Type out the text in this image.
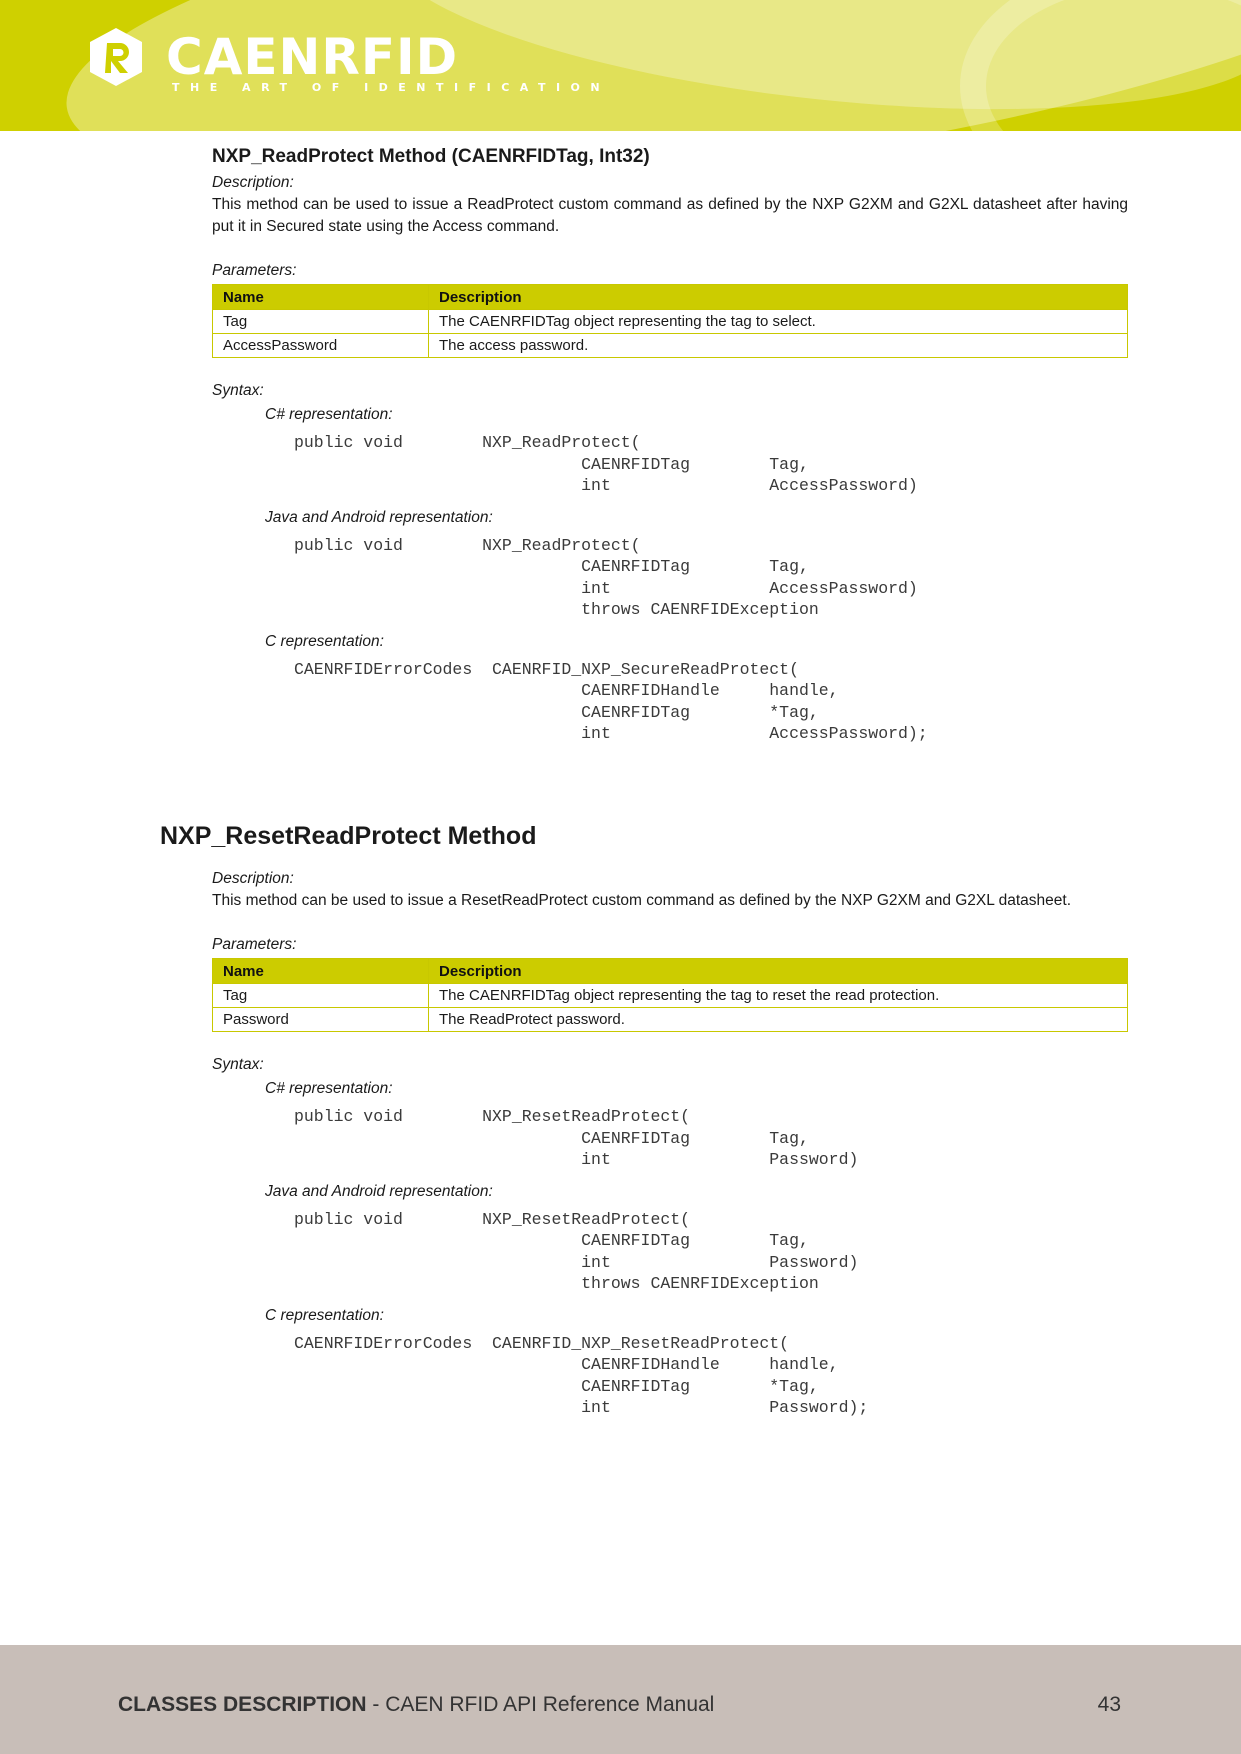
CAENRFID
THE ART OF IDENTIFICATION
NXP_ReadProtect Method (CAENRFIDTag, Int32)
Description:

This method can be used to issue a ReadProtect custom command as defined by the NXP G2XM and G2XL datasheet after having put it in Secured state using the Access command.

Parameters:
Name	Description
Tag	The CAENRFIDTag object representing the tag to select.
AccessPassword	The access password.
Syntax:
C# representation:
public void        NXP_ReadProtect(
CAENRFIDTag        Tag,
int                AccessPassword)
Java and Android representation:
public void        NXP_ReadProtect(
CAENRFIDTag        Tag,
int                AccessPassword)
throws CAENRFIDException
C representation:
CAENRFIDErrorCodes  CAENRFID_NXP_SecureReadProtect(
CAENRFIDHandle     handle,
CAENRFIDTag        *Tag,
int                AccessPassword);
NXP_ResetReadProtect Method
Description:

This method can be used to issue a ResetReadProtect custom command as defined by the NXP G2XM and G2XL datasheet.

Parameters:
Name	Description
Tag	The CAENRFIDTag object representing the tag to reset the read protection.
Password	The ReadProtect password.
Syntax:
C# representation:
public void        NXP_ResetReadProtect(
CAENRFIDTag        Tag,
int                Password)
Java and Android representation:
public void        NXP_ResetReadProtect(
CAENRFIDTag        Tag,
int                Password)
throws CAENRFIDException
C representation:
CAENRFIDErrorCodes  CAENRFID_NXP_ResetReadProtect(
CAENRFIDHandle     handle,
CAENRFIDTag        *Tag,
int                Password);
CLASSES DESCRIPTION - CAEN RFID API Reference Manual	43
